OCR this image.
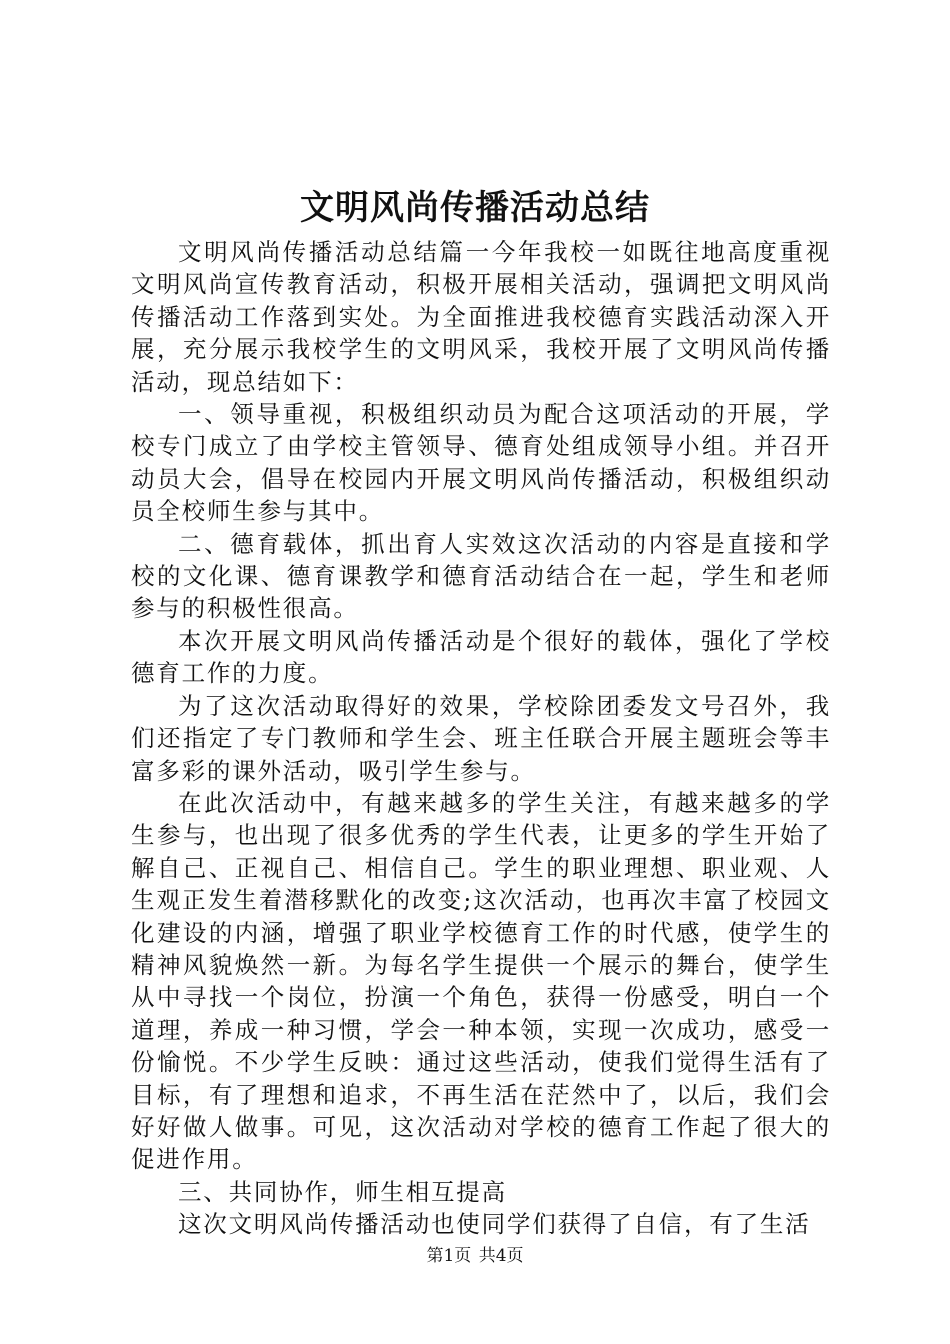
文明风尚传播活动总结

文明风尚传播活动总结篇一今年我校一如既往地高度重视文明风尚宣传教育活动，积极开展相关活动，强调把文明风尚传播活动工作落到实处。为全面推进我校德育实践活动深入开展，充分展示我校学生的文明风采，我校开展了文明风尚传播活动，现总结如下：

一、领导重视，积极组织动员为配合这项活动的开展，学校专门成立了由学校主管领导、德育处组成领导小组。并召开动员大会，倡导在校园内开展文明风尚传播活动，积极组织动员全校师生参与其中。

二、德育载体，抓出育人实效这次活动的内容是直接和学校的文化课、德育课教学和德育活动结合在一起，学生和老师参与的积极性很高。

本次开展文明风尚传播活动是个很好的载体，强化了学校德育工作的力度。

为了这次活动取得好的效果，学校除团委发文号召外，我们还指定了专门教师和学生会、班主任联合开展主题班会等丰富多彩的课外活动，吸引学生参与。

在此次活动中，有越来越多的学生关注，有越来越多的学生参与，也出现了很多优秀的学生代表，让更多的学生开始了解自己、正视自己、相信自己。学生的职业理想、职业观、人生观正发生着潜移默化的改变;这次活动，也再次丰富了校园文化建设的内涵，增强了职业学校德育工作的时代感，使学生的精神风貌焕然一新。为每名学生提供一个展示的舞台，使学生从中寻找一个岗位，扮演一个角色，获得一份感受，明白一个道理，养成一种习惯，学会一种本领，实现一次成功，感受一份愉悦。不少学生反映：通过这些活动，使我们觉得生活有了目标，有了理想和追求，不再生活在茫然中了，以后，我们会好好做人做事。可见，这次活动对学校的德育工作起了很大的促进作用。

三、共同协作，师生相互提高

这次文明风尚传播活动也使同学们获得了自信，有了生活

第1页 共4页
